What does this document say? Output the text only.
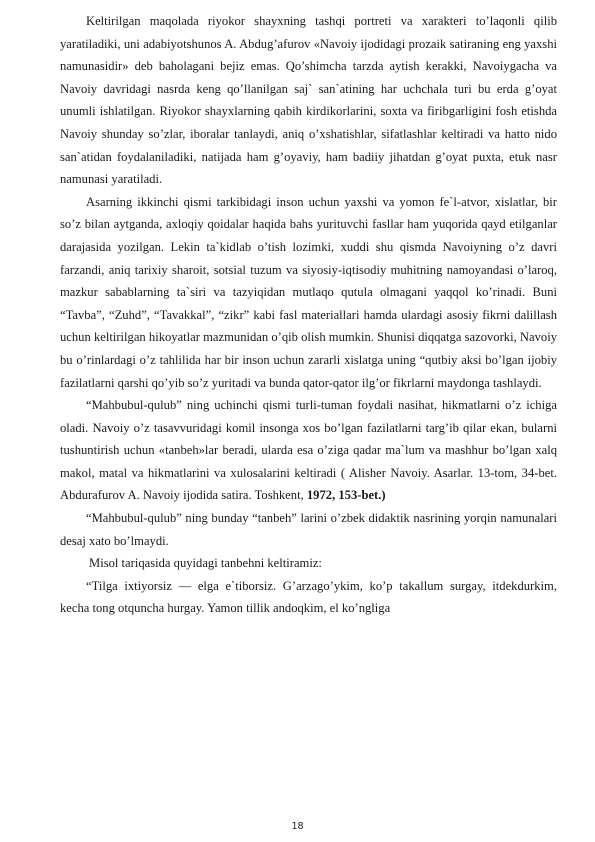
Keltirilgan maqolada riyokor shayxning tashqi portreti va xarakteri to’laqonli qilib yaratiladiki, uni adabiyotshunos A. Abdug’afurov «Navoiy ijodidagi prozaik satiraning eng yaxshi namunasidir» deb baholagani bejiz emas. Qo’shimcha tarzda aytish kerakki, Navoiygacha va Navoiy davridagi nasrda keng qo’llanilgan saj` san`atining har uchchala turi bu erda g’oyat unumli ishlatilgan. Riyokor shayxlarning qabih kirdikorlarini, soxta va firibgarligini fosh etishda Navoiy shunday so’zlar, iboralar tanlaydi, aniq o’xshatishlar, sifatlashlar keltiradi va hatto nido san`atidan foydalaniladiki, natijada ham g’oyaviy, ham badiiy jihatdan g’oyat puxta, etuk nasr namunasi yaratiladi.

Asarning ikkinchi qismi tarkibidagi inson uchun yaxshi va yomon fe`l-atvor, xislatlar, bir so’z bilan aytganda, axloqiy qoidalar haqida bahs yurituvchi fasllar ham yuqorida qayd etilganlar darajasida yozilgan. Lekin ta`kidlab o’tish lozimki, xuddi shu qismda Navoiyning o’z davri farzandi, aniq tarixiy sharoit, sotsial tuzum va siyosiy-iqtisodiy muhitning namoyandasi o’laroq, mazkur sabablarning ta`siri va tazyiqidan mutlaqo qutula olmagani yaqqol ko’rinadi. Buni “Tavba”, “Zuhd”, “Tavakkal”, “zikr” kabi fasl materiallari hamda ulardagi asosiy fikrni dalillash uchun keltirilgan hikoyatlar mazmunidan o’qib olish mumkin. Shunisi diqqatga sazovorki, Navoiy bu o’rinlardagi o’z tahlilida har bir inson uchun zararli xislatga uning “qutbiy aksi bo’lgan ijobiy fazilatlarni qarshi qo’yib so’z yuritadi va bunda qator-qator ilg’or fikrlarni maydonga tashlaydi.

“Mahbubul-qulub” ning uchinchi qismi turli-tuman foydali nasihat, hikmatlarni o’z ichiga oladi. Navoiy o’z tasavvuridagi komil insonga xos bo’lgan fazilatlarni targ’ib qilar ekan, bularni tushuntirish uchun «tanbeh»lar beradi, ularda esa o’ziga qadar ma`lum va mashhur bo’lgan xalq makol, matal va hikmatlarini va xulosalarini keltiradi ( Alisher Navoiy. Asarlar. 13-tom, 34-bet. Abdurafurov A. Navoiy ijodida satira. Toshkent, 1972, 153-bet.)

“Mahbubul-qulub” ning bunday “tanbeh” larini o’zbek didaktik nasrining yorqin namunalari desaj xato bo’lmaydi.

Misol tariqasida quyidagi tanbehni keltiramiz:

“Tilga ixtiyorsiz — elga e`tiborsiz. G’arzago’ykim, ko’p takallum surgay, itdekdurkim, kecha tong otquncha hurgay. Yamon tillik andoqkim, el ko’ngliga

18
